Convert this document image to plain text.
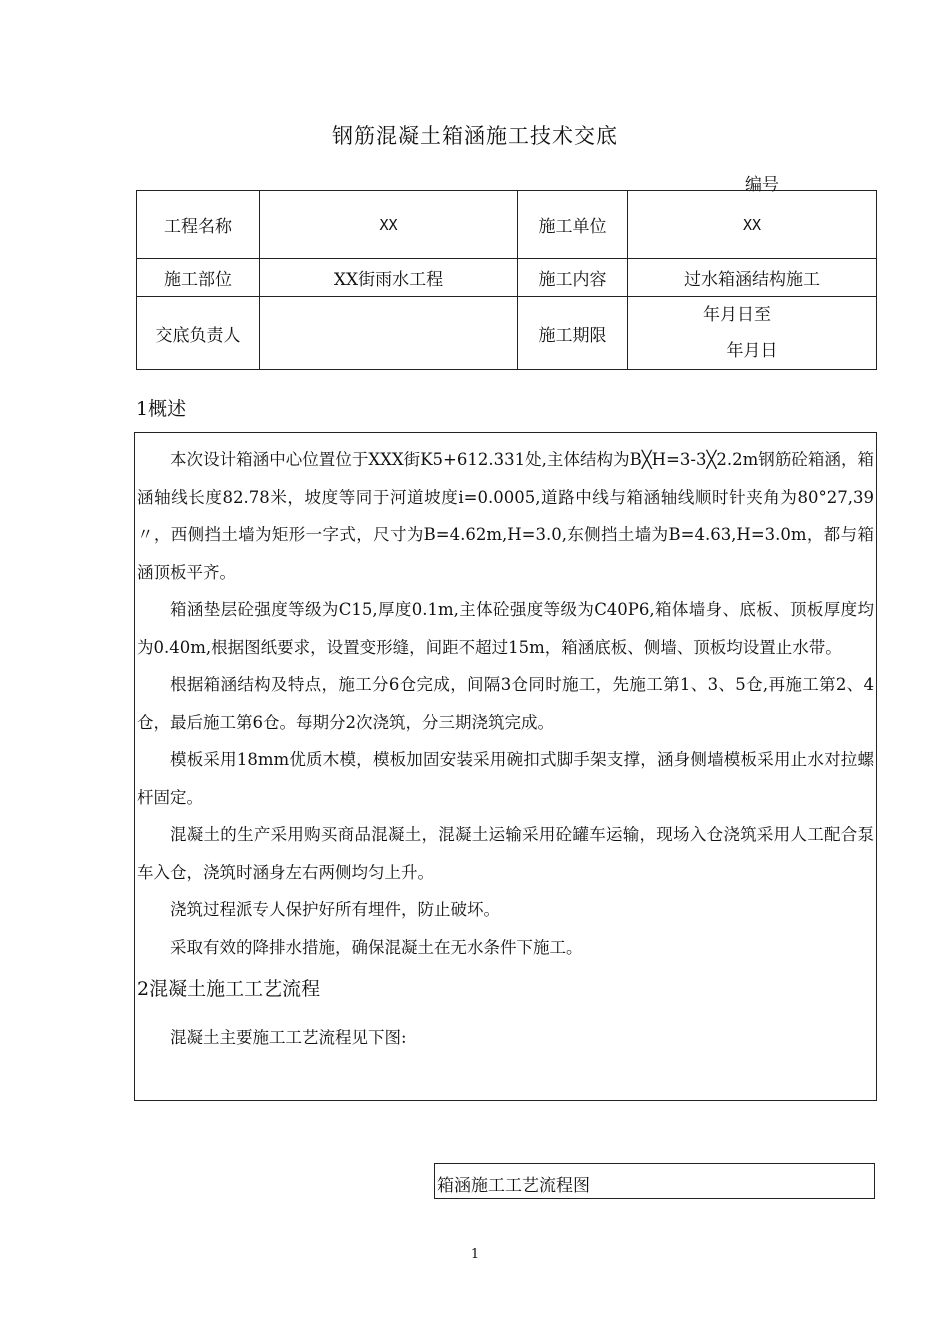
钢筋混凝土箱涵施工技术交底
编号
工程名称	XX	施工单位	XX
施工部位	XX街雨水工程	施工内容	过水箱涵结构施工
交底负责人		施工期限	年月日至
年月日
1概述

本次设计箱涵中心位置位于XXX街K5+612.331处,主体结构为B╳H=3-3╳2.2m钢筋砼箱涵，箱涵轴线长度82.78米，坡度等同于河道坡度i=0.0005,道路中线与箱涵轴线顺时针夹角为80°27,39〃，西侧挡土墙为矩形一字式，尺寸为B=4.62m,H=3.0,东侧挡土墙为B=4.63,H=3.0m，都与箱涵顶板平齐。

箱涵垫层砼强度等级为C15,厚度0.1m,主体砼强度等级为C40P6,箱体墙身、底板、顶板厚度均为0.40m,根据图纸要求，设置变形缝，间距不超过15m，箱涵底板、侧墙、顶板均设置止水带。

根据箱涵结构及特点，施工分6仓完成，间隔3仓同时施工，先施工第1、3、5仓,再施工第2、4仓，最后施工第6仓。每期分2次浇筑，分三期浇筑完成。

模板采用18mm优质木模，模板加固安装采用碗扣式脚手架支撑，涵身侧墙模板采用止水对拉螺杆固定。

混凝土的生产采用购买商品混凝土，混凝土运输采用砼罐车运输，现场入仓浇筑采用人工配合泵车入仓，浇筑时涵身左右两侧均匀上升。

浇筑过程派专人保护好所有埋件，防止破坏。

采取有效的降排水措施，确保混凝土在无水条件下施工。

2混凝土施工工艺流程

混凝土主要施工工艺流程见下图:

箱涵施工工艺流程图
1
